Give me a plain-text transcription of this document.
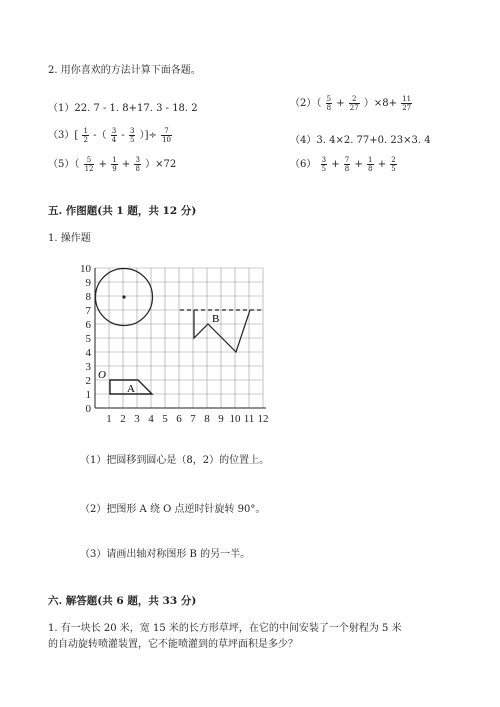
2. 用你喜欢的方法计算下面各题。
（1）22. 7 - 1. 8+17. 3 - 18. 2	$(2)( \frac{5}{8} + \frac{2}{27} )\times 8+ \frac{11}{27}$
$(3)[ \frac{1}{2}$ -（ $\frac{3}{4} - \frac{3}{5}$ ）]÷ $\frac{7}{10}$	（4）3. 4×2. 77+0. 23×3. 4
$(5)( \frac{5}{12} + \frac{1}{9} + \frac{3}{8} )\times 72$	$(6) \frac{3}{5} + \frac{7}{8} + \frac{1}{8} + \frac{2}{5}$
五. 作图题(共 1 题，共 12 分)
1. 操作题
10
9
8
7
6
5
4
3
2
1
0
1 2 3 4 5 6 7 8 9 10 11 12
B
A
O
（1）把圆移到圆心是（8，2）的位置上。
（2）把图形 A 绕 O 点逆时针旋转 90°。
（3）请画出轴对称图形 B 的另一半。
六. 解答题(共 6 题，共 33 分)
1. 有一块长 20 米，宽 15 米的长方形草坪，在它的中间安装了一个射程为 5 米
的自动旋转喷灌装置，它不能喷灌到的草坪面积是多少？
